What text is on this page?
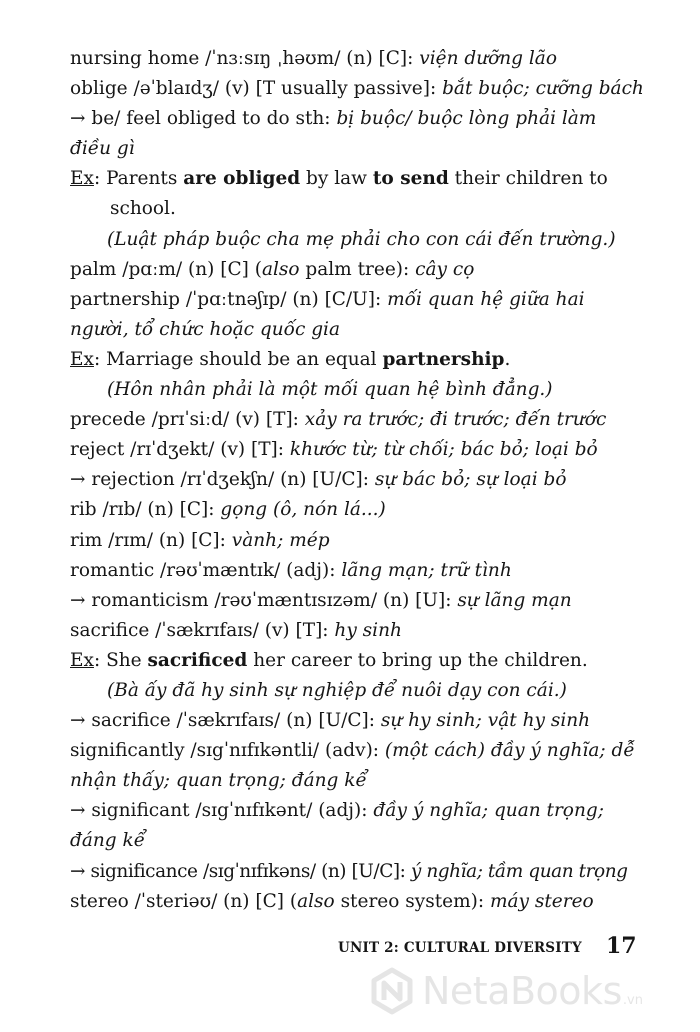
nursing home /ˈnɜːsɪŋ ˌhəʊm/ (n) [C]: viện dưỡng lão
oblige /əˈblaɪdʒ/ (v) [T usually passive]: bắt buộc; cưỡng bách
→ be/ feel obliged to do sth: bị buộc/ buộc lòng phải làm điều gì
Ex: Parents are obliged by law to send their children to school.
(Luật pháp buộc cha mẹ phải cho con cái đến trường.)
palm /pɑːm/ (n) [C] (also palm tree): cây cọ
partnership /ˈpɑːtnəʃɪp/ (n) [C/U]: mối quan hệ giữa hai người, tổ chức hoặc quốc gia
Ex: Marriage should be an equal partnership.
(Hôn nhân phải là một mối quan hệ bình đẳng.)
precede /prɪˈsiːd/ (v) [T]: xảy ra trước; đi trước; đến trước
reject /rɪˈdʒekt/ (v) [T]: khước từ; từ chối; bác bỏ; loại bỏ
→ rejection /rɪˈdʒekʃn/ (n) [U/C]: sự bác bỏ; sự loại bỏ
rib /rɪb/ (n) [C]: gọng (ô, nón lá...)
rim /rɪm/ (n) [C]: vành; mép
romantic /rəʊˈmæntɪk/ (adj): lãng mạn; trữ tình
→ romanticism /rəʊˈmæntɪsɪzəm/ (n) [U]: sự lãng mạn
sacrifice /ˈsækrɪfaɪs/ (v) [T]: hy sinh
Ex: She sacrificed her career to bring up the children.
(Bà ấy đã hy sinh sự nghiệp để nuôi dạy con cái.)
→ sacrifice /ˈsækrɪfaɪs/ (n) [U/C]: sự hy sinh; vật hy sinh
significantly /sɪgˈnɪfɪkəntli/ (adv): (một cách) đầy ý nghĩa; dễ nhận thấy; quan trọng; đáng kể
→ significant /sɪgˈnɪfɪkənt/ (adj): đầy ý nghĩa; quan trọng; đáng kể
→ significance /sɪgˈnɪfɪkəns/ (n) [U/C]: ý nghĩa; tầm quan trọng
stereo /ˈsteriəʊ/ (n) [C] (also stereo system): máy stereo
UNIT 2: CULTURAL DIVERSITY 17
NetaBooks .vn
